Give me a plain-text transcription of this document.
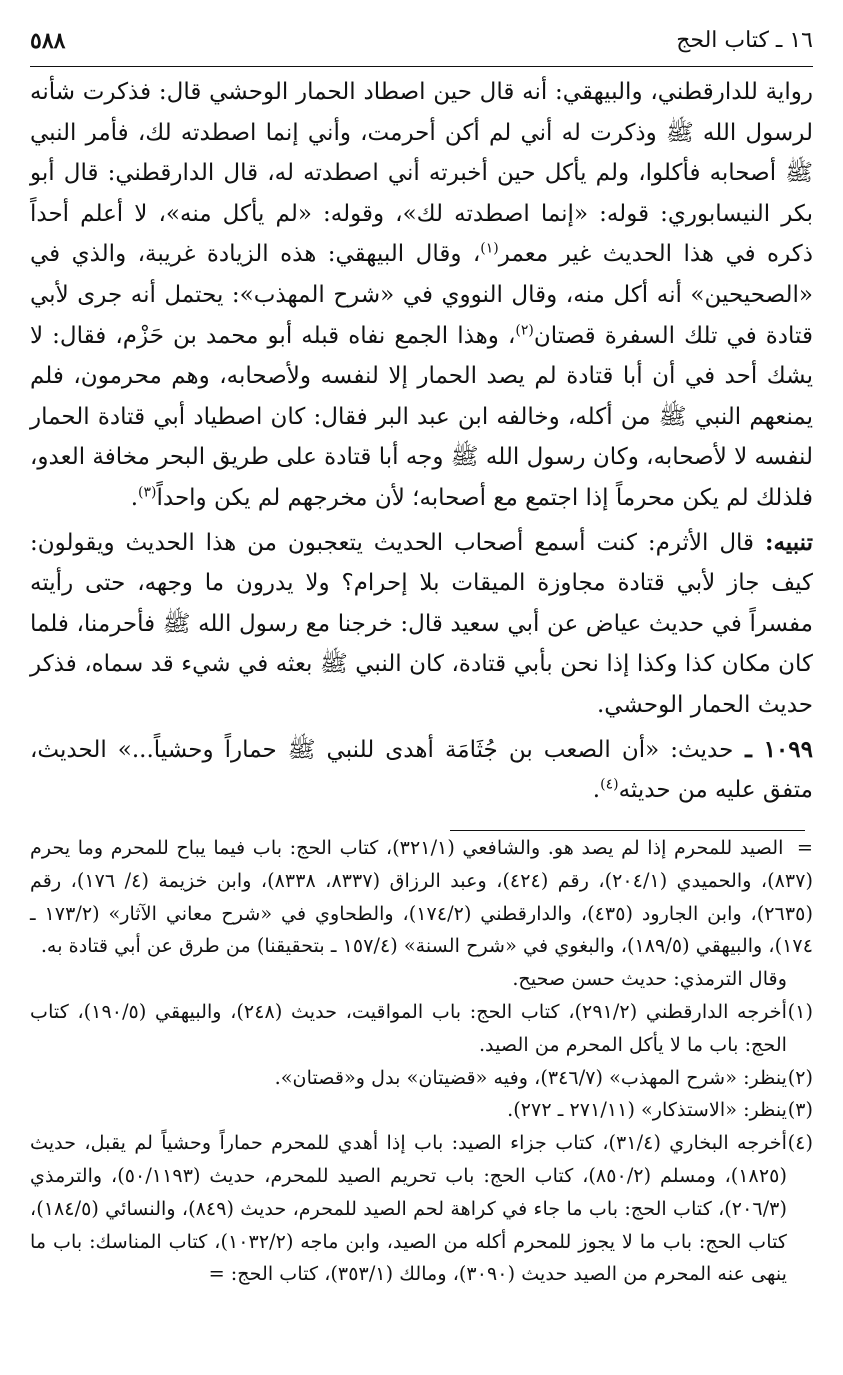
١٦ ـ كتاب الحج
٥٨٨

رواية للدارقطني، والبيهقي: أنه قال حين اصطاد الحمار الوحشي قال: فذكرت شأنه لرسول الله ﷺ وذكرت له أني لم أكن أحرمت، وأني إنما اصطدته لك، فأمر النبي ﷺ أصحابه فأكلوا، ولم يأكل حين أخبرته أني اصطدته له، قال الدارقطني: قال أبو بكر النيسابوري: قوله: «إنما اصطدته لك»، وقوله: «لم يأكل منه»، لا أعلم أحداً ذكره في هذا الحديث غير معمر$^{(١)}$، وقال البيهقي: هذه الزيادة غريبة، والذي في «الصحيحين» أنه أكل منه، وقال النووي في «شرح المهذب»: يحتمل أنه جرى لأبي قتادة في تلك السفرة قصتان$^{(٢)}$، وهذا الجمع نفاه قبله أبو محمد بن حَزْم، فقال: لا يشك أحد في أن أبا قتادة لم يصد الحمار إلا لنفسه ولأصحابه، وهم محرمون، فلم يمنعهم النبي ﷺ من أكله، وخالفه ابن عبد البر فقال: كان اصطياد أبي قتادة الحمار لنفسه لا لأصحابه، وكان رسول الله ﷺ وجه أبا قتادة على طريق البحر مخافة العدو، فلذلك لم يكن محرماً إذا اجتمع مع أصحابه؛ لأن مخرجهم لم يكن واحداً$^{(٣)}$.

تنبيه: قال الأثرم: كنت أسمع أصحاب الحديث يتعجبون من هذا الحديث ويقولون: كيف جاز لأبي قتادة مجاوزة الميقات بلا إحرام؟ ولا يدرون ما وجهه، حتى رأيته مفسراً في حديث عياض عن أبي سعيد قال: خرجنا مع رسول الله ﷺ فأحرمنا، فلما كان مكان كذا وكذا إذا نحن بأبي قتادة، كان النبي ﷺ بعثه في شيء قد سماه، فذكر حديث الحمار الوحشي.

١٠٩٩ ـ حديث: «أن الصعب بن جُثَامَة أهدى للنبي ﷺ حماراً وحشياً...» الحديث، متفق عليه من حديثه$^{(٤)}$.

= الصيد للمحرم إذا لم يصد هو. والشافعي (٣٢١/١)، كتاب الحج: باب فيما يباح للمحرم وما يحرم (٨٣٧)، والحميدي (٢٠٤/١)، رقم (٤٢٤)، وعبد الرزاق (٨٣٣٧، ٨٣٣٨)، وابن خزيمة (٤/ ١٧٦)، رقم (٢٦٣٥)، وابن الجارود (٤٣٥)، والدارقطني (١٧٤/٢)، والطحاوي في «شرح معاني الآثار» (١٧٣/٢ ـ ١٧٤)، والبيهقي (١٨٩/٥)، والبغوي في «شرح السنة» (١٥٧/٤ ـ بتحقيقنا) من طرق عن أبي قتادة به.
وقال الترمذي: حديث حسن صحيح.
(١)أخرجه الدارقطني (٢٩١/٢)، كتاب الحج: باب المواقيت، حديث (٢٤٨)، والبيهقي (١٩٠/٥)، كتاب الحج: باب ما لا يأكل المحرم من الصيد.
(٢)ينظر: «شرح المهذب» (٣٤٦/٧)، وفيه «قضيتان» بدل و«قصتان».
(٣)ينظر: «الاستذكار» (٢٧١/١١ ـ ٢٧٢).
(٤)أخرجه البخاري (٣١/٤)، كتاب جزاء الصيد: باب إذا أهدي للمحرم حماراً وحشياً لم يقبل، حديث (١٨٢٥)، ومسلم (٨٥٠/٢)، كتاب الحج: باب تحريم الصيد للمحرم، حديث (٥٠/١١٩٣)، والترمذي (٢٠٦/٣)، كتاب الحج: باب ما جاء في كراهة لحم الصيد للمحرم، حديث (٨٤٩)، والنسائي (١٨٤/٥)، كتاب الحج: باب ما لا يجوز للمحرم أكله من الصيد، وابن ماجه (١٠٣٢/٢)، كتاب المناسك: باب ما ينهى عنه المحرم من الصيد حديث (٣٠٩٠)، ومالك (٣٥٣/١)، كتاب الحج: =
